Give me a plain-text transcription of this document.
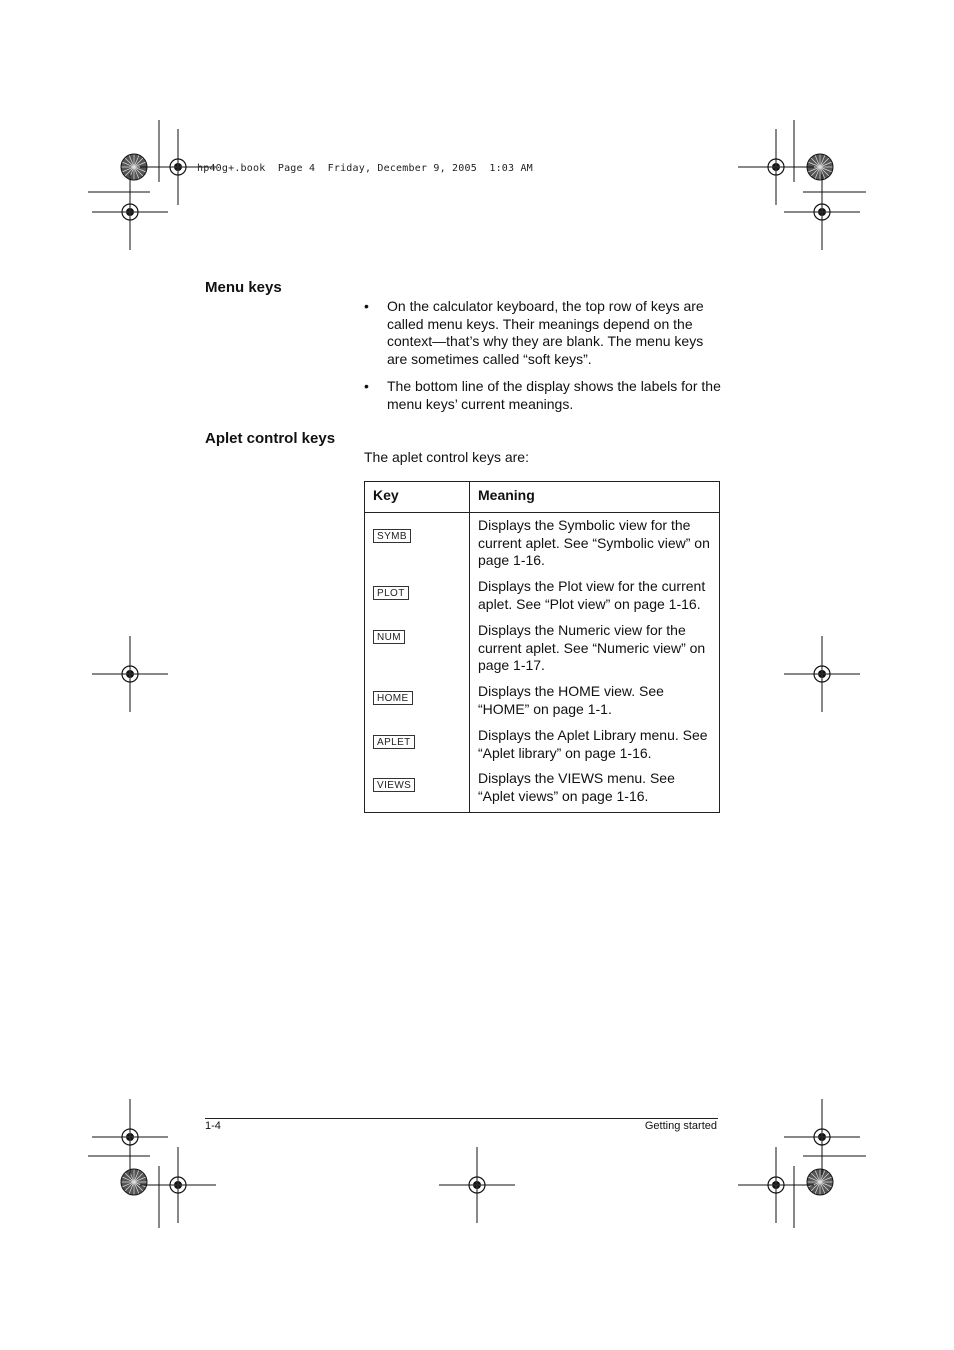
hp40g+.book  Page 4  Friday, December 9, 2005  1:03 AM
Menu keys
• On the calculator keyboard, the top row of keys are called menu keys. Their meanings depend on the context—that’s why they are blank. The menu keys are sometimes called “soft keys”.
• The bottom line of the display shows the labels for the menu keys’ current meanings.
Aplet control keys
The aplet control keys are:
Key	Meaning
SYMB	Displays the Symbolic view for the current aplet. See “Symbolic view” on page 1-16.
PLOT	Displays the Plot view for the current aplet. See “Plot view” on page 1-16.
NUM	Displays the Numeric view for the current aplet. See “Numeric view” on page 1-17.
HOME	Displays the HOME view. See “HOME” on page 1-1.
APLET	Displays the Aplet Library menu. See “Aplet library” on page 1-16.
VIEWS	Displays the VIEWS menu. See “Aplet views” on page 1-16.
1-4	Getting started
